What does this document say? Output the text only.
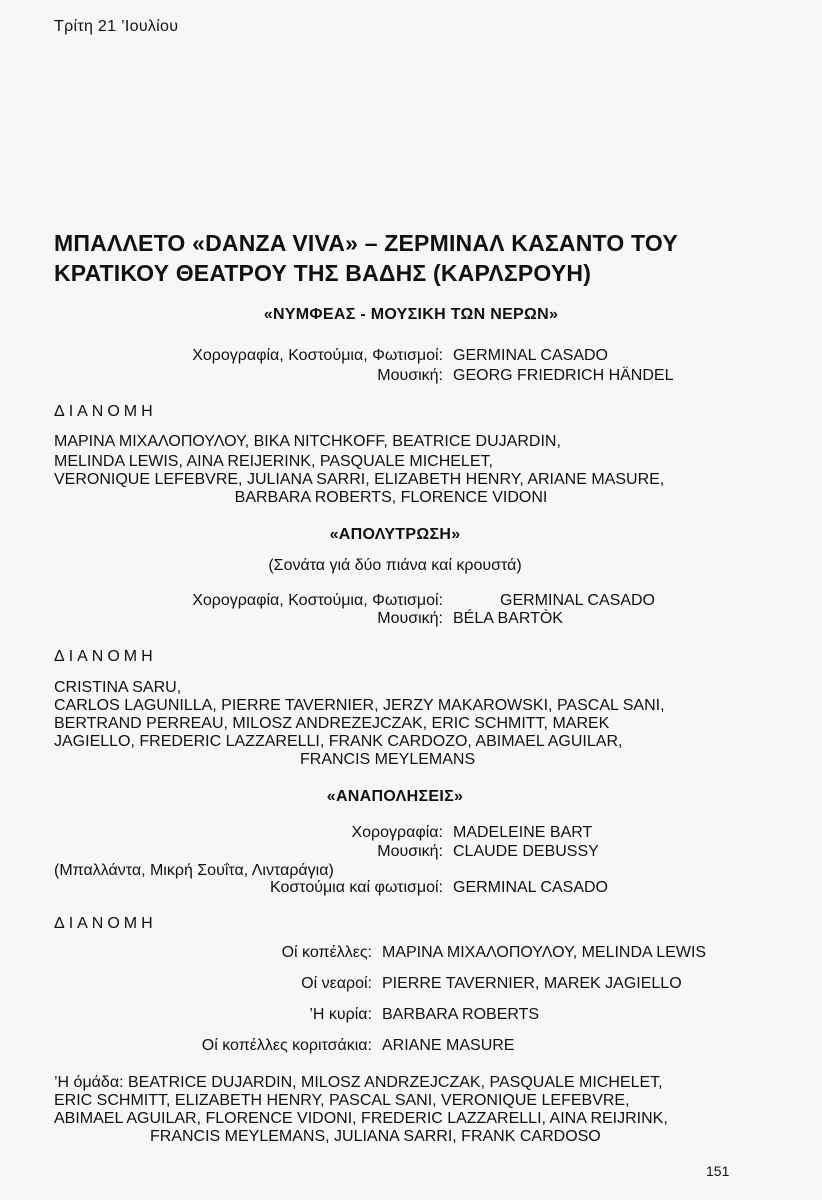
Τρίτη 21 ’Ιουλίου
ΜΠΑΛΛΕΤΟ «DANZA VIVA» – ΖΕΡΜΙΝΑΛ ΚΑΣΑΝΤΟ ΤΟΥ
ΚΡΑΤΙΚΟΥ ΘΕΑΤΡΟΥ ΤΗΣ ΒΑΔΗΣ (ΚΑΡΛΣΡΟΥΗ)
«ΝΥΜΦΕΑΣ - ΜΟΥΣΙΚΗ ΤΩΝ ΝΕΡΩΝ»
Χορογραφία, Κοστούμια, Φωτισμοί: GERMINAL CASADO
Μουσική: GEORG FRIEDRICH HÄNDEL
ΔΙΑΝΟΜΗ
ΜΑΡΙΝΑ ΜΙΧΑΛΟΠΟΥΛΟΥ, BIKA NITCHKOFF, BEATRICE DUJARDIN,
MELINDA LEWIS, AINA REIJERINK, PASQUALE MICHELET,
VERONIQUE LEFEBVRE, JULIANA SARRI, ELIZABETH HENRY, ARIANE MASURE,
BARBARA ROBERTS, FLORENCE VIDONI
«ΑΠΟΛΥΤΡΩΣΗ»
(Σονάτα γιά δύο πιάνα καί κρουστά)
Χορογραφία, Κοστούμια, Φωτισμοί:	GERMINAL CASADO
Μουσική: BÉLA BARTÒK
ΔΙΑΝΟΜΗ
CRISTINA SARU,
CARLOS LAGUNILLA, PIERRE TAVERNIER, JERZY MAKAROWSKI, PASCAL SANI,
BERTRAND PERREAU, MILOSZ ANDREZEJCZAK, ERIC SCHMITT, MAREK
JAGIELLO, FREDERIC LAZZARELLI, FRANK CARDOZO, ABIMAEL AGUILAR,
FRANCIS MEYLEMANS
«ΑΝΑΠΟΛΗΣΕΙΣ»
Χορογραφία: MADELEINE BART
Μουσική: CLAUDE DEBUSSY
(Μπαλλάντα, Μικρή Σουΐτα, Λινταράγια)
Κοστούμια καί φωτισμοί: GERMINAL CASADO
ΔΙΑΝΟΜΗ
Οί κοπέλλες: ΜΑΡΙΝΑ ΜΙΧΑΛΟΠΟΥΛΟΥ, MELINDA LEWIS
Οί νεαροί: PIERRE TAVERNIER, MAREK JAGIELLO
’Η κυρία: BARBARA ROBERTS
Οί κοπέλλες κοριτσάκια: ARIANE MASURE
’Η όμάδα: BEATRICE DUJARDIN, MILOSZ ANDRZEJCZAK, PASQUALE MICHELET,
ERIC SCHMITT, ELIZABETH HENRY, PASCAL SANI, VERONIQUE LEFEBVRE,
ABIMAEL AGUILAR, FLORENCE VIDONI, FREDERIC LAZZARELLI, AINA REIJRINK,
FRANCIS MEYLEMANS, JULIANA SARRI, FRANK CARDOSO
151
